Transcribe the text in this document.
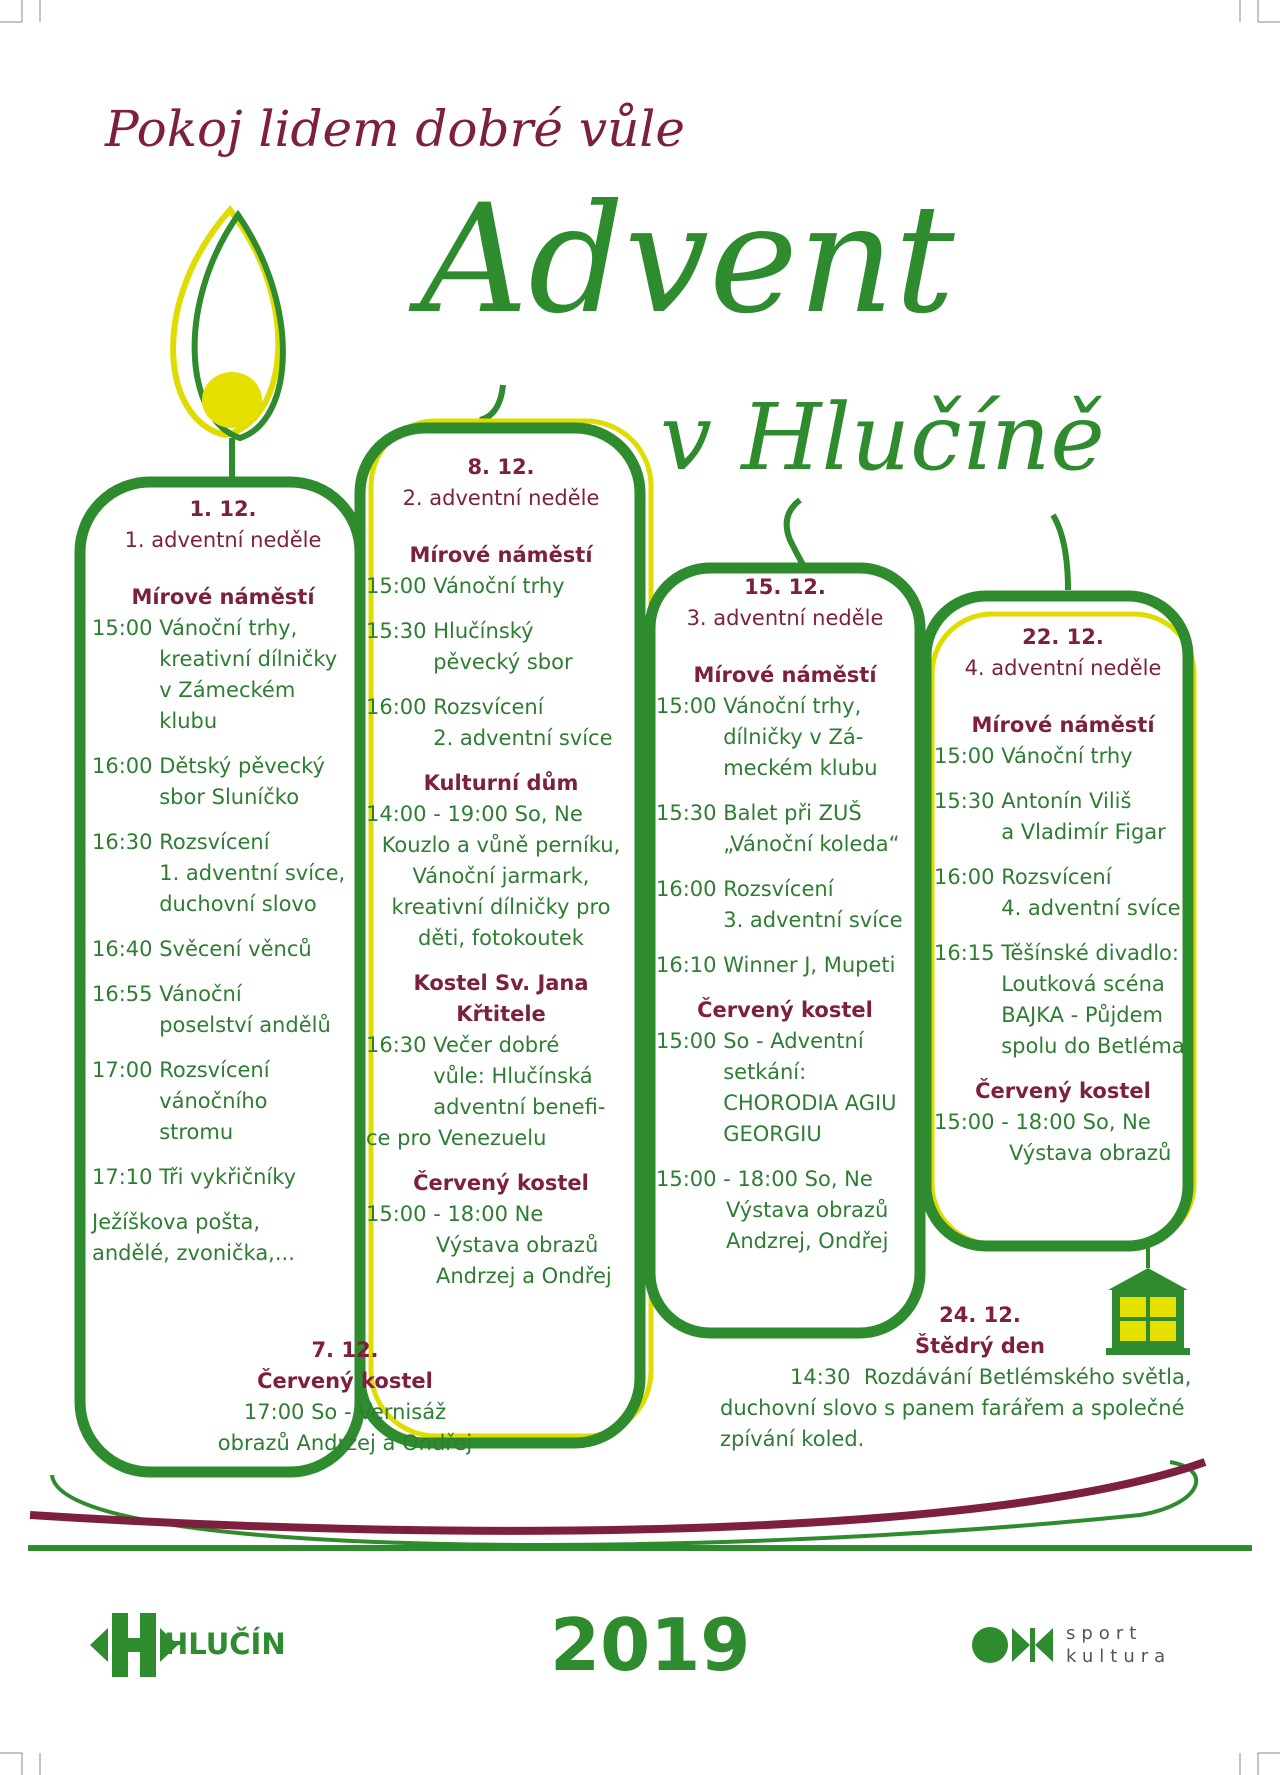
Pokoj lidem dobré vůle
Advent
v Hlučíně
1. 12.
1. adventní neděle
Mírové náměstí
15:00 Vánoční trhy,
kreativní dílničky
v Zámeckém
klubu
16:00 Dětský pěvecký
sbor Sluníčko
16:30 Rozsvícení
1. adventní svíce,
duchovní slovo
16:40 Svěcení věnců
16:55 Vánoční
poselství andělů
17:00 Rozsvícení
vánočního
stromu
17:10 Tři vykřičníky
Ježíškova pošta,
andělé, zvonička,...
8. 12.
2. adventní neděle
Mírové náměstí
15:00 Vánoční trhy
15:30 Hlučínský
pěvecký sbor
16:00 Rozsvícení
2. adventní svíce
Kulturní dům
14:00 - 19:00 So, Ne
Kouzlo a vůně perníku,
Vánoční jarmark,
kreativní dílničky pro
děti, fotokoutek
Kostel Sv. Jana Křtitele
16:30 Večer dobré
vůle: Hlučínská
adventní benefi-
ce pro Venezuelu
Červený kostel
15:00 - 18:00 Ne
Výstava obrazů
Andrzej a Ondřej
15. 12.
3. adventní neděle
Mírové náměstí
15:00 Vánoční trhy,
dílničky v Zá-
meckém klubu
15:30 Balet při ZUŠ
„Vánoční koleda“
16:00 Rozsvícení
3. adventní svíce
16:10 Winner J, Mupeti
Červený kostel
15:00 So - Adventní
setkání:
CHORODIA AGIU
GEORGIU
15:00 - 18:00 So, Ne
Výstava obrazů
Andzrej, Ondřej
22. 12.
4. adventní neděle
Mírové náměstí
15:00 Vánoční trhy
15:30 Antonín Viliš
a Vladimír Figar
16:00 Rozsvícení
4. adventní svíce
16:15 Těšínské divadlo:
Loutková scéna
BAJKA - Půjdem
spolu do Betléma
Červený kostel
15:00 - 18:00 So, Ne
Výstava obrazů
7. 12.
Červený kostel
17:00 So - Vernisáž
obrazů Andrzej a Ondřej
24. 12.
Štědrý den
14:30  Rozdávání Betlémského světla,
duchovní slovo s panem farářem a společné
zpívání koled.
HLUČÍN	2019	sport
kultura
